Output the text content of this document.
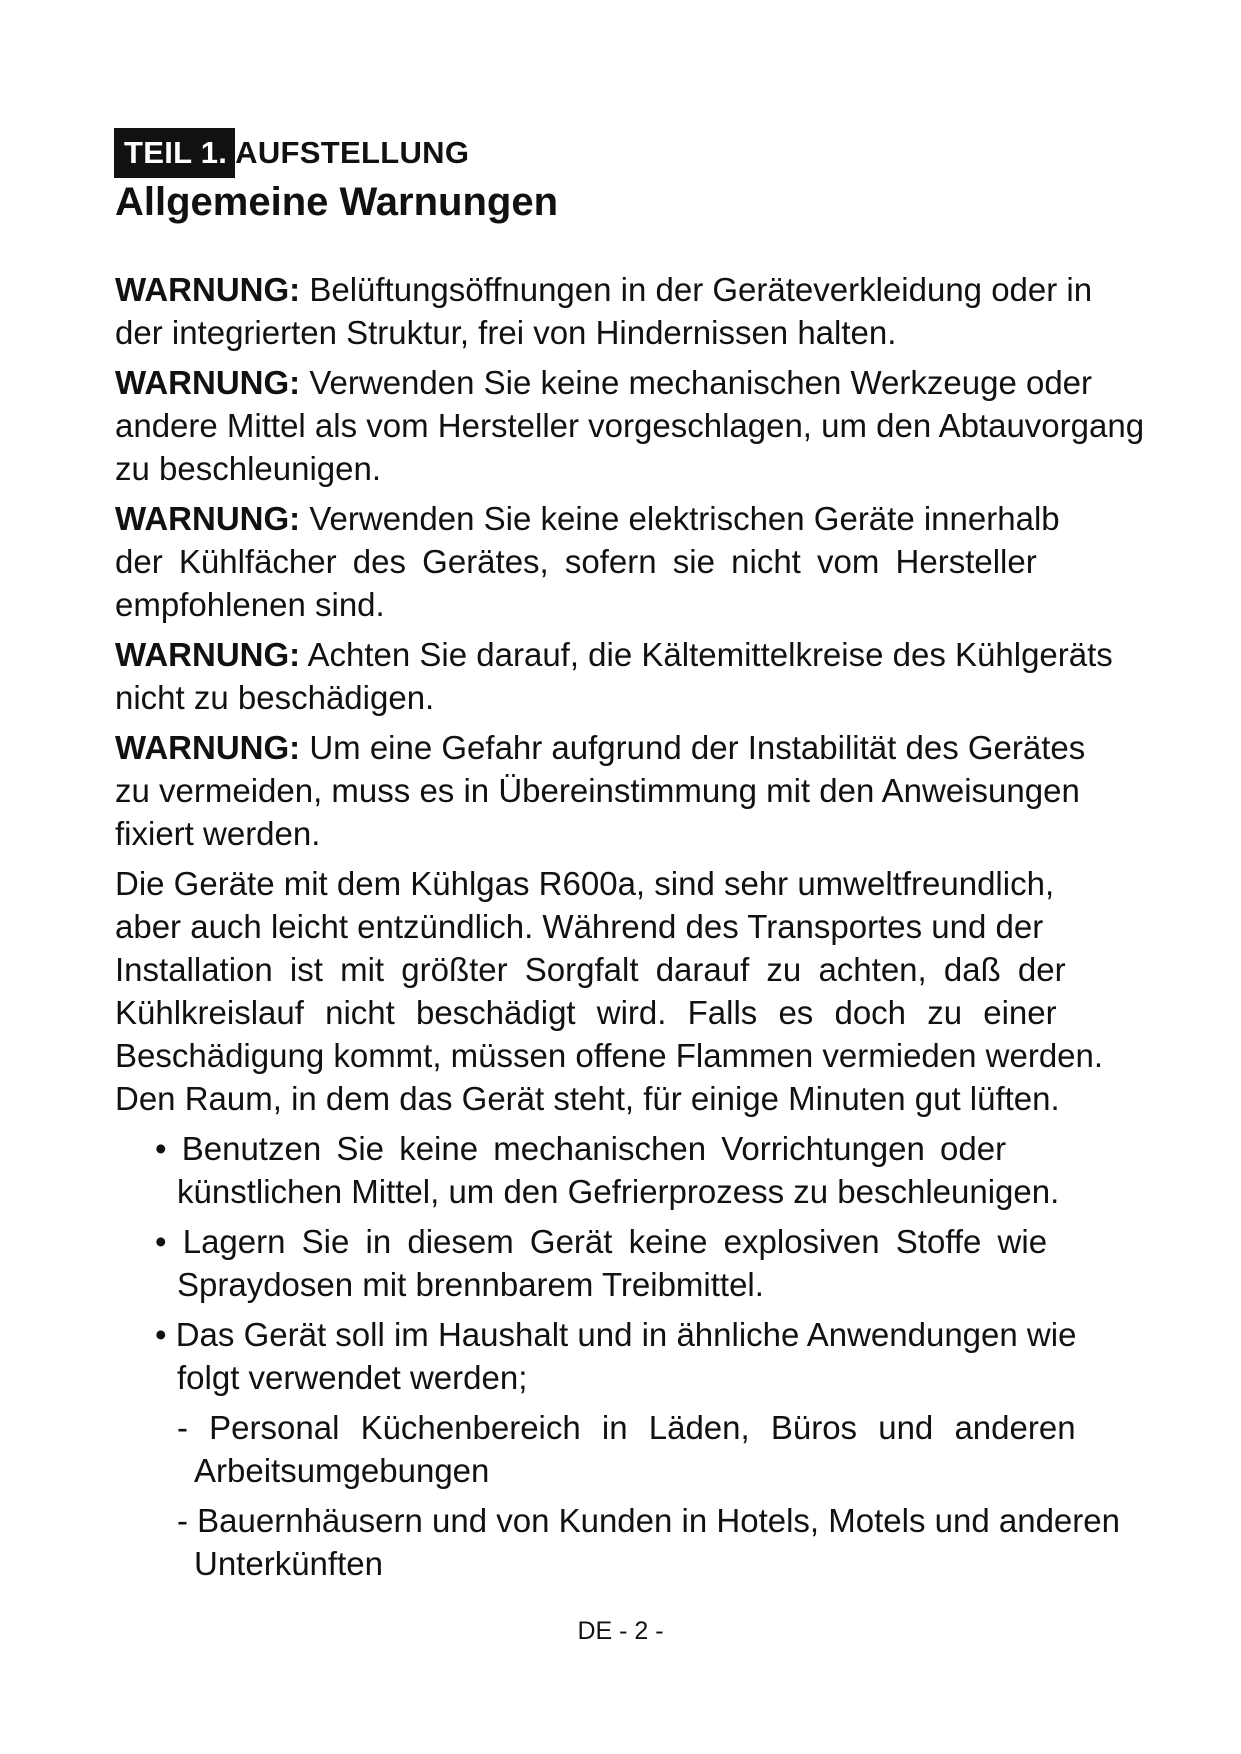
TEIL 1. AUFSTELLUNG
Allgemeine Warnungen
WARNUNG: Belüftungsöffnungen in der Geräteverkleidung oder in
der integrierten Struktur, frei von Hindernissen halten.
WARNUNG: Verwenden Sie keine mechanischen Werkzeuge oder
andere Mittel als vom Hersteller vorgeschlagen, um den Abtauvorgang
zu beschleunigen.
WARNUNG: Verwenden Sie keine elektrischen Geräte innerhalb
der Kühlfächer des Gerätes, sofern sie nicht vom Hersteller
empfohlenen sind.
WARNUNG: Achten Sie darauf, die Kältemittelkreise des Kühlgeräts
nicht zu beschädigen.
WARNUNG: Um eine Gefahr aufgrund der Instabilität des Gerätes
zu vermeiden, muss es in Übereinstimmung mit den Anweisungen
fixiert werden.
Die Geräte mit dem Kühlgas R600a, sind sehr umweltfreundlich,
aber auch leicht entzündlich. Während des Transportes und der
Installation ist mit größter Sorgfalt darauf zu achten, daß der
Kühlkreislauf nicht beschädigt wird. Falls es doch zu einer
Beschädigung kommt, müssen offene Flammen vermieden werden.
Den Raum, in dem das Gerät steht, für einige Minuten gut lüften.
• Benutzen Sie keine mechanischen Vorrichtungen oder
künstlichen Mittel, um den Gefrierprozess zu beschleunigen.
• Lagern Sie in diesem Gerät keine explosiven Stoffe wie
Spraydosen mit brennbarem Treibmittel.
• Das Gerät soll im Haushalt und in ähnliche Anwendungen wie
folgt verwendet werden;
- Personal Küchenbereich in Läden, Büros und anderen
Arbeitsumgebungen
- Bauernhäusern und von Kunden in Hotels, Motels und anderen
Unterkünften
DE - 2 -
